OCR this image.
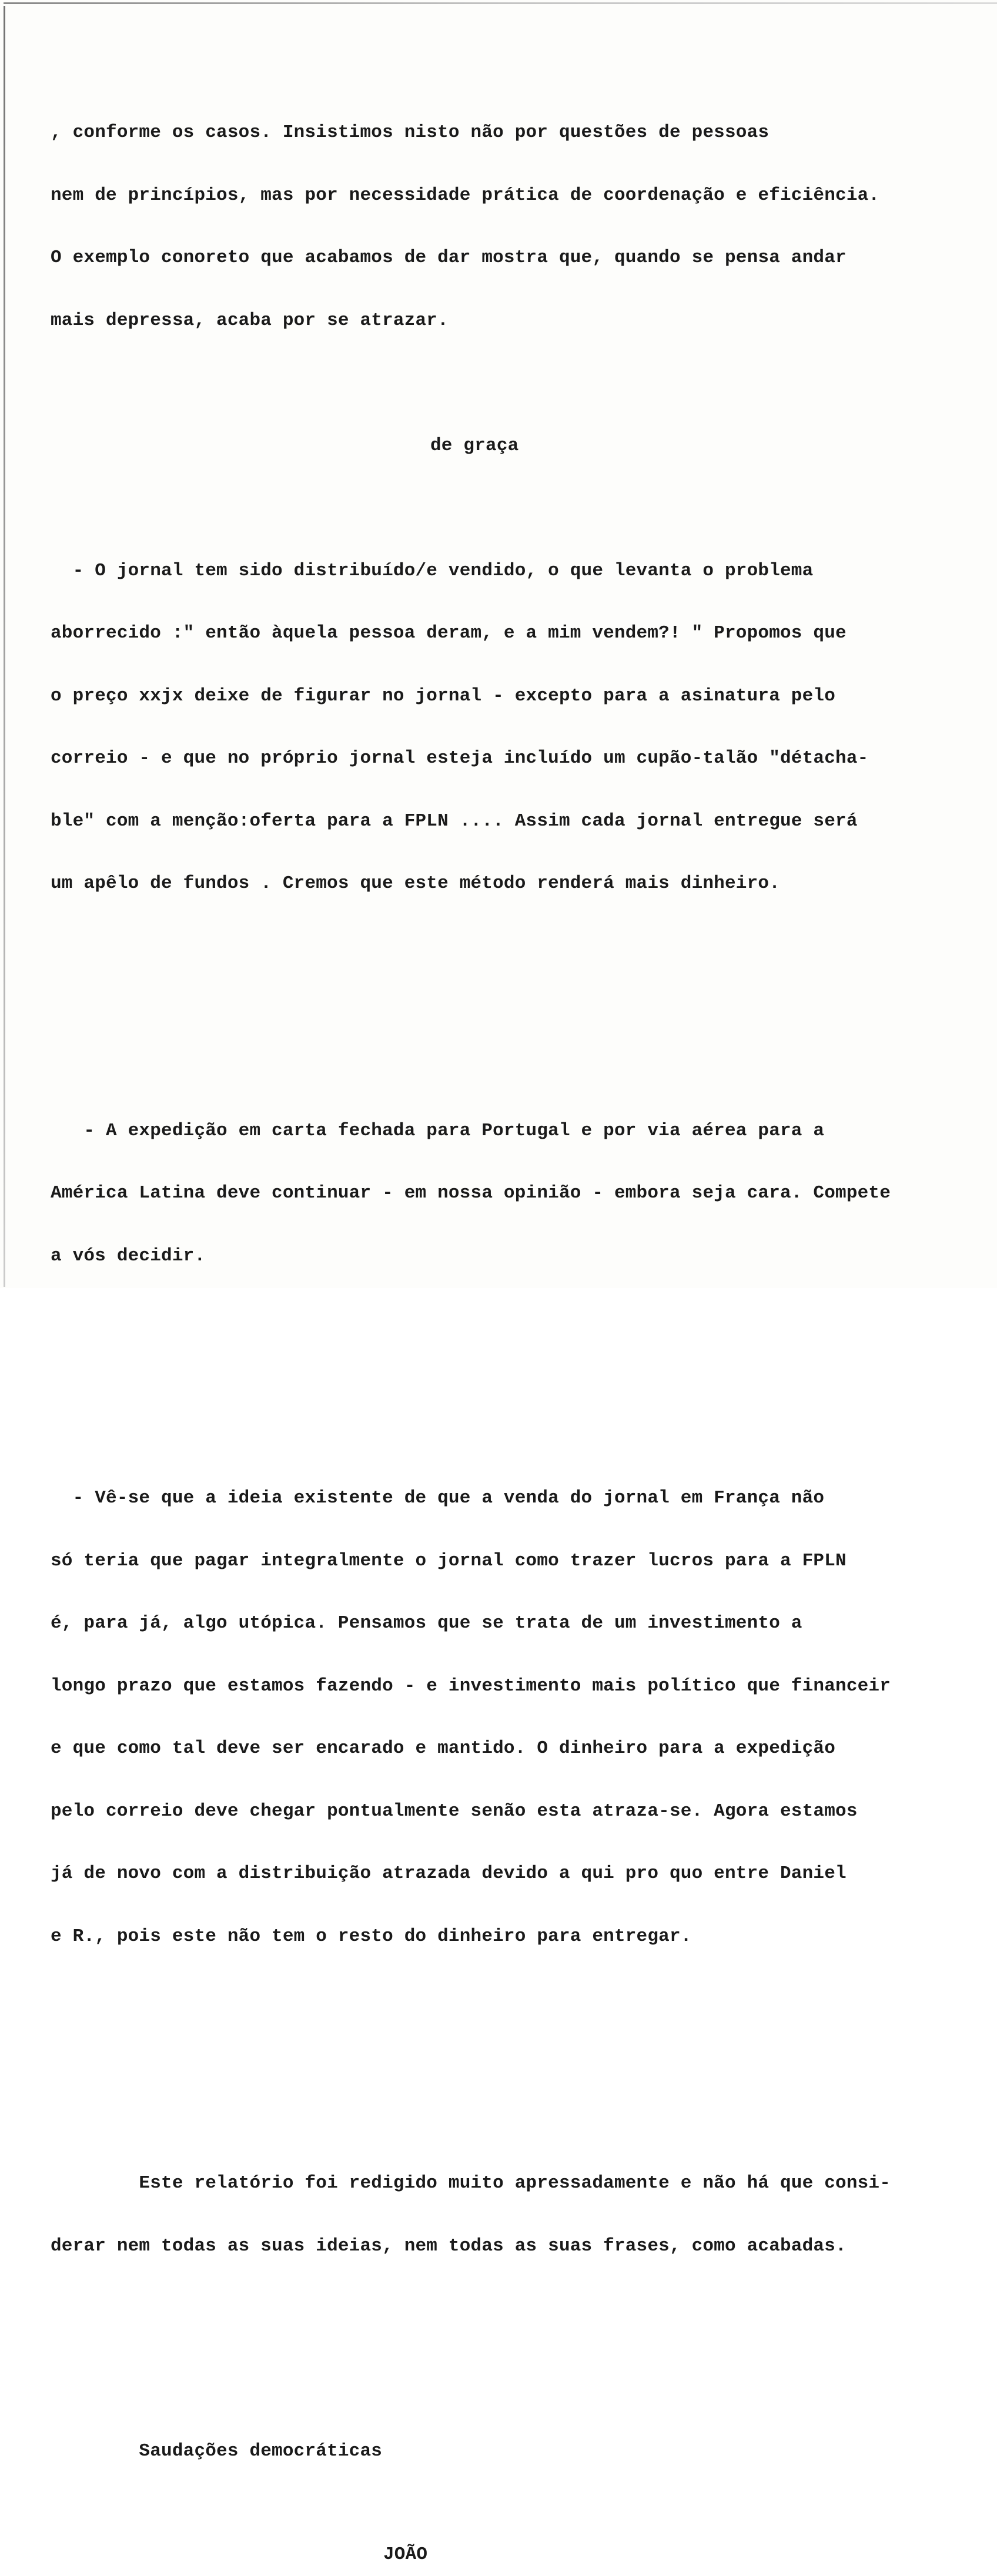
, conforme os casos. Insistimos nisto não por questões de pessoas

nem de princípios, mas por necessidade prática de coordenação e eficiência.

O exemplo conoreto que acabamos de dar mostra que, quando se pensa andar

mais depressa, acaba por se atrazar.

de graça

- O jornal tem sido distribuído/e vendido, o que levanta o problema

aborrecido :" então àquela pessoa deram, e a mim vendem?! " Propomos que

o preço xxjx deixe de figurar no jornal - excepto para a asinatura pelo

correio - e que no próprio jornal esteja incluído um cupão-talão "détacha-

ble" com a menção:oferta para a FPLN .... Assim cada jornal entregue será

um apêlo de fundos . Cremos que este método renderá mais dinheiro.

- A expedição em carta fechada para Portugal e por via aérea para a

América Latina deve continuar - em nossa opinião - embora seja cara. Compete

a vós decidir.

- Vê-se que a ideia existente de que a venda do jornal em França não

só teria que pagar integralmente o jornal como trazer lucros para a FPLN

é, para já, algo utópica. Pensamos que se trata de um investimento a

longo prazo que estamos fazendo - e investimento mais político que financeir

e que como tal deve ser encarado e mantido. O dinheiro para a expedição

pelo correio deve chegar pontualmente senão esta atraza-se. Agora estamos

já de novo com a distribuição atrazada devido a qui pro quo entre Daniel

e R., pois este não tem o resto do dinheiro para entregar.

Este relatório foi redigido muito apressadamente e não há que consi-

derar nem todas as suas ideias, nem todas as suas frases, como acabadas.

Saudações democráticas

JOÃO
